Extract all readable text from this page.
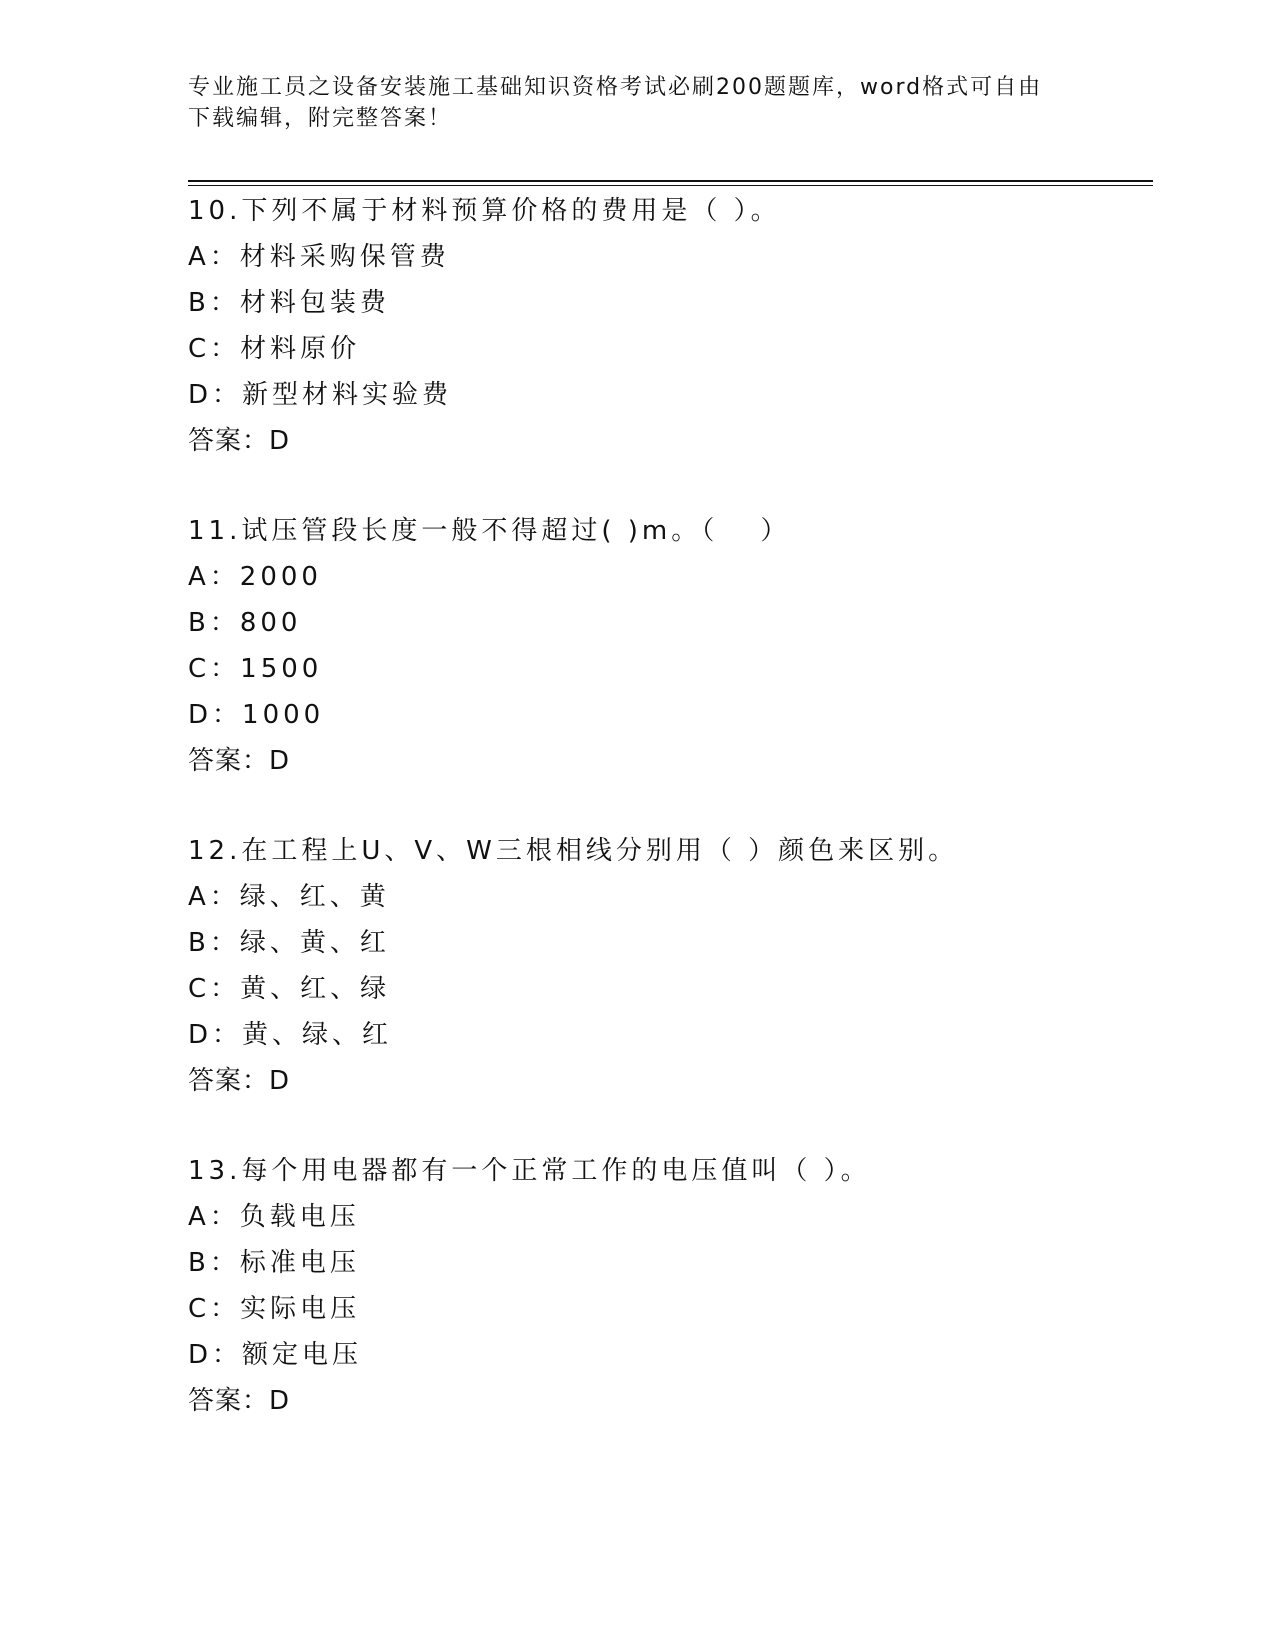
专业施工员之设备安装施工基础知识资格考试必刷200题题库，word格式可自由
下载编辑，附完整答案！

10.下列不属于材料预算价格的费用是（ ）。
A：材料采购保管费
B：材料包装费
C：材料原价
D：新型材料实验费
答案：D
11.试压管段长度一般不得超过( )m。（　 ）
A：2000
B：800
C：1500
D：1000
答案：D
12.在工程上U、V、W三根相线分别用（ ）颜色来区别。
A：绿、红、黄
B：绿、黄、红
C：黄、红、绿
D：黄、绿、红
答案：D
13.每个用电器都有一个正常工作的电压值叫（ ）。
A：负载电压
B：标准电压
C：实际电压
D：额定电压
答案：D
